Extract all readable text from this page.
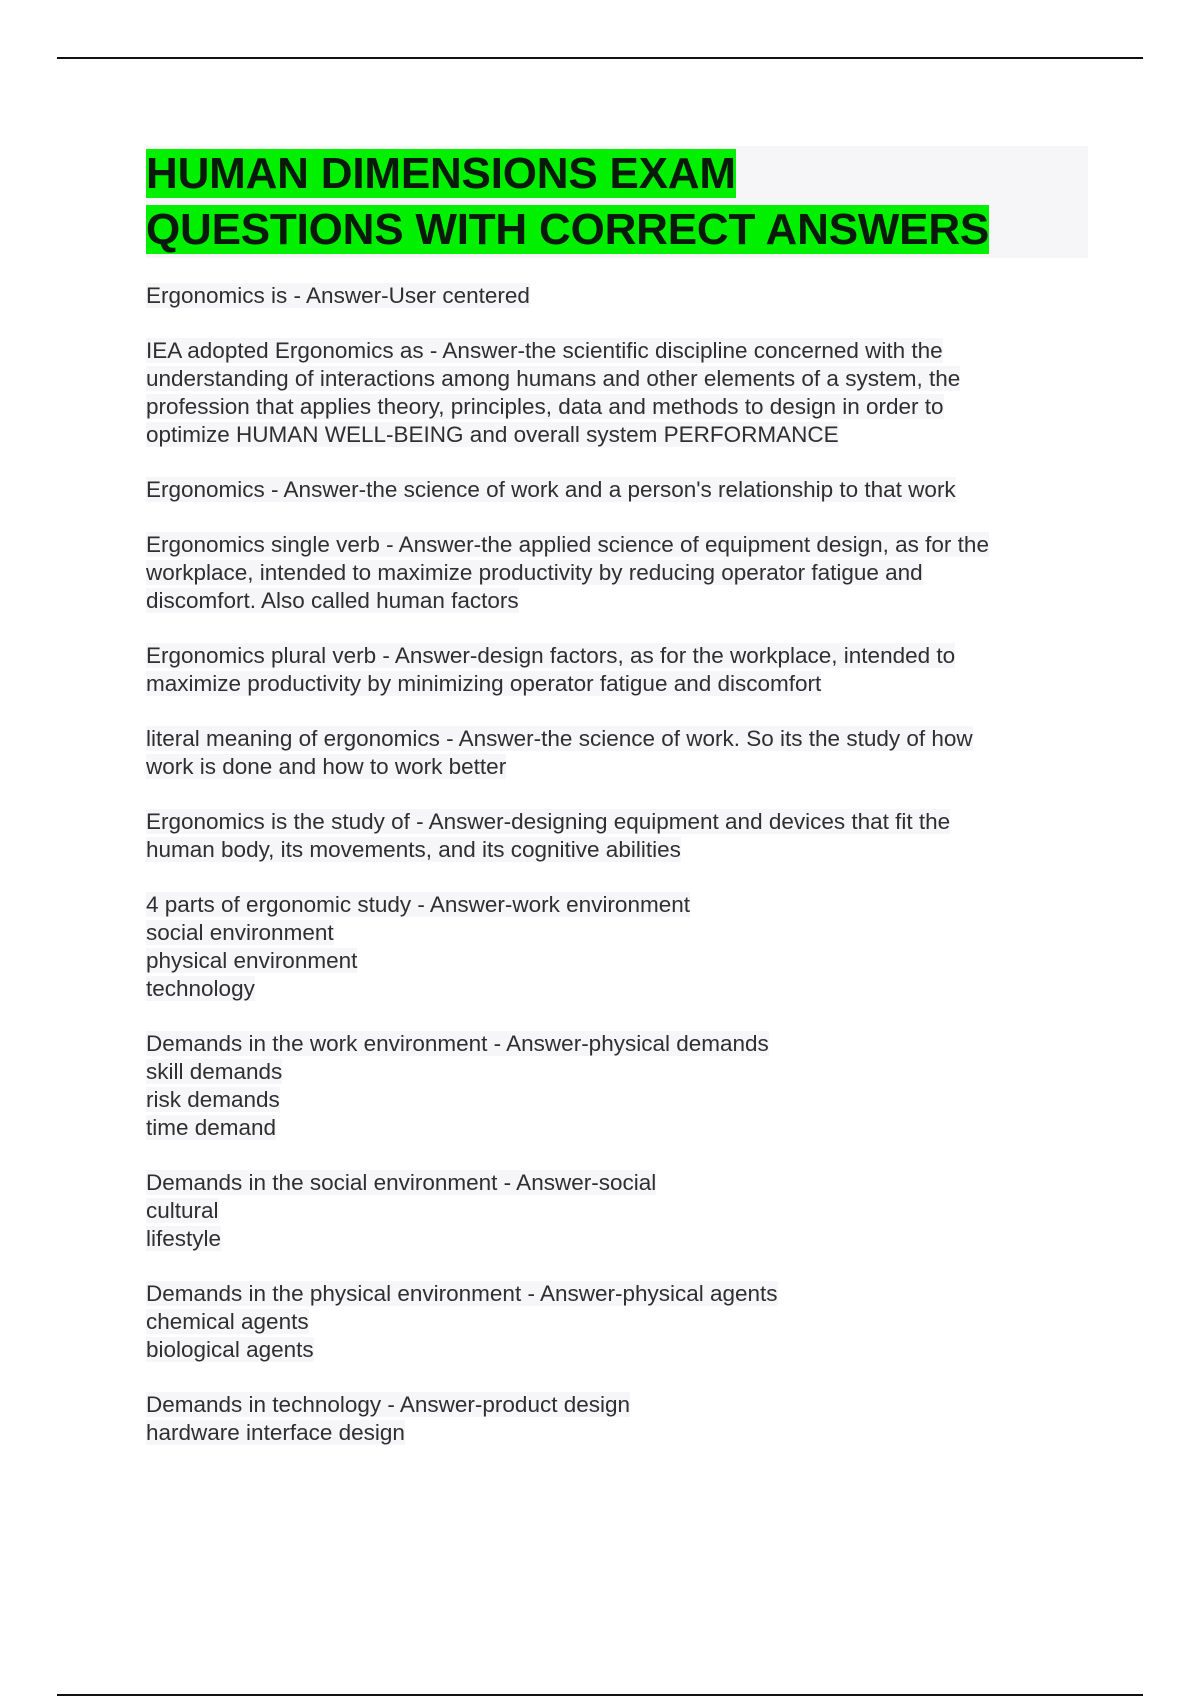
HUMAN DIMENSIONS EXAM
QUESTIONS WITH CORRECT ANSWERS
Ergonomics is - Answer-User centered
IEA adopted Ergonomics as - Answer-the scientific discipline concerned with the
understanding of interactions among humans and other elements of a system, the
profession that applies theory, principles, data and methods to design in order to
optimize HUMAN WELL-BEING and overall system PERFORMANCE
Ergonomics - Answer-the science of work and a person's relationship to that work
Ergonomics single verb - Answer-the applied science of equipment design, as for the
workplace, intended to maximize productivity by reducing operator fatigue and
discomfort. Also called human factors
Ergonomics plural verb - Answer-design factors, as for the workplace, intended to
maximize productivity by minimizing operator fatigue and discomfort
literal meaning of ergonomics - Answer-the science of work. So its the study of how
work is done and how to work better
Ergonomics is the study of - Answer-designing equipment and devices that fit the
human body, its movements, and its cognitive abilities
4 parts of ergonomic study - Answer-work environment
social environment
physical environment
technology
Demands in the work environment - Answer-physical demands
skill demands
risk demands
time demand
Demands in the social environment - Answer-social
cultural
lifestyle
Demands in the physical environment - Answer-physical agents
chemical agents
biological agents
Demands in technology - Answer-product design
hardware interface design
